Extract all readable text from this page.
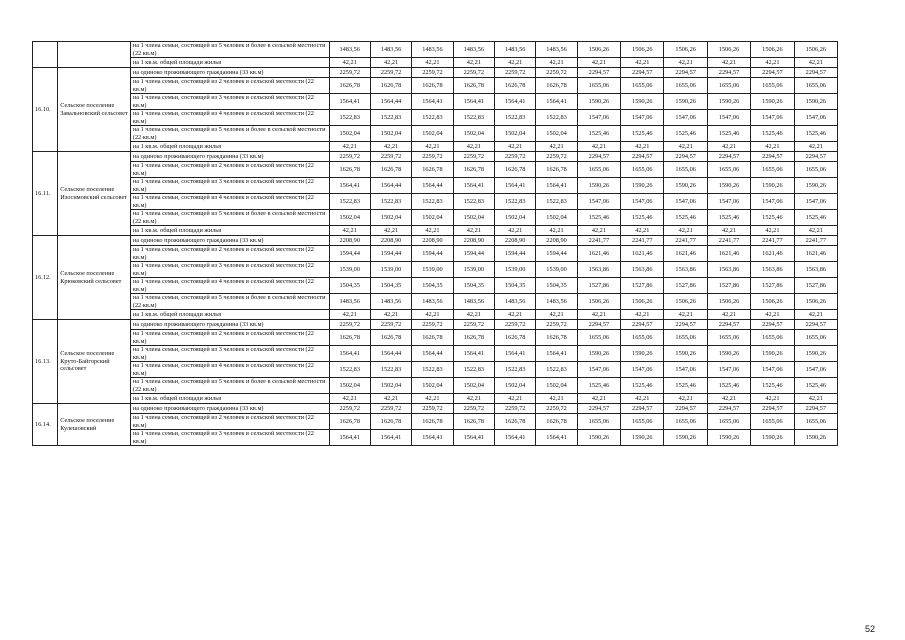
		на 1 члена семьи, состоящей из 5 человек и более в сельской местности (22 кв.м)	1483,56	1483,56	1483,56	1483,56	1483,56	1483,56	1506,26	1506,26	1506,26	1506,26	1506,26	1506,26
		на 1 кв.м. общей площади жилья	42,21	42,21	42,21	42,21	42,21	42,21	42,21	42,21	42,21	42,21	42,21	42,21
16.10.	Сельское поселение Завальновский сельсовет	на одиноко проживающего гражданина (33 кв.м)	2259,72	2259,72	2259,72	2259,72	2259,72	2259,72	2294,57	2294,57	2294,57	2294,57	2294,57	2294,57
		на 1 члена семьи, состоящей из 2 человек в сельской местности (22 кв.м)	1626,78	1626,78	1626,78	1626,78	1626,78	1626,78	1655,06	1655,06	1655,06	1655,06	1655,06	1655,06
		на 1 члена семьи, состоящей из 3 человек в сельской местности (22 кв.м)	1564,41	1564,44	1564,41	1564,41	1564,41	1564,41	1590,26	1590,26	1590,26	1590,26	1590,26	1590,26
		на 1 члена семьи, состоящей из 4 человек в сельской местности (22 кв.м)	1522,83	1522,83	1522,83	1522,83	1522,83	1522,83	1547,06	1547,06	1547,06	1547,06	1547,06	1547,06
		на 1 члена семьи, состоящей из 5 человек и более в сельской местности (22 кв.м)	1502,04	1502,04	1502,04	1502,04	1502,04	1502,04	1525,46	1525,46	1525,46	1525,46	1525,46	1525,46
		на 1 кв.м. общей площади жилья	42,21	42,21	42,21	42,21	42,21	42,21	42,21	42,21	42,21	42,21	42,21	42,21
16.11.	Сельское поселение Изосимовский сельсовет	на одиноко проживающего гражданина (33 кв.м)	2259,72	2259,72	2259,72	2259,72	2259,72	2259,72	2294,57	2294,57	2294,57	2294,57	2294,57	2294,57
		на 1 члена семьи, состоящей из 2 человек в сельской местности (22 кв.м)	1626,78	1626,78	1626,78	1626,78	1626,78	1626,78	1655,06	1655,06	1655,06	1655,06	1655,06	1655,06
		на 1 члена семьи, состоящей из 3 человек в сельской местности (22 кв.м)	1564,41	1564,44	1564,44	1564,41	1564,41	1564,41	1590,26	1590,26	1590,26	1590,26	1590,26	1590,26
		на 1 члена семьи, состоящей из 4 человек в сельской местности (22 кв.м)	1522,83	1522,83	1522,83	1522,83	1522,83	1522,83	1547,06	1547,06	1547,06	1547,06	1547,06	1547,06
		на 1 члена семьи, состоящей из 5 человек и более в сельской местности (22 кв.м)	1502,04	1502,04	1502,04	1502,04	1502,04	1502,04	1525,46	1525,46	1525,46	1525,46	1525,46	1525,46
		на 1 кв.м. общей площади жилья	42,21	42,21	42,21	42,21	42,21	42,21	42,21	42,21	42,21	42,21	42,21	42,21
16.12.	Сельское поселение Крюковский сельсовет	на одиноко проживающего гражданина (33 кв.м)	2208,90	2208,90	2208,90	2208,90	2208,90	2208,90	2241,77	2241,77	2241,77	2241,77	2241,77	2241,77
		на 1 члена семьи, состоящей из 2 человек в сельской местности (22 кв.м)	1594,44	1594,44	1594,44	1594,44	1594,44	1594,44	1621,46	1621,46	1621,46	1621,46	1621,46	1621,46
		на 1 члена семьи, состоящей из 3 человек в сельской местности (22 кв.м)	1539,00	1539,00	1539,00	1539,00	1539,00	1539,00	1563,86	1563,86	1563,86	1563,86	1563,86	1563,86
		на 1 члена семьи, состоящей из 4 человек в сельской местности (22 кв.м)	1504,35	1504,35	1504,35	1504,35	1504,35	1504,35	1527,86	1527,86	1527,86	1527,86	1527,86	1527,86
		на 1 члена семьи, состоящей из 5 человек и более в сельской местности (22 кв.м)	1483,56	1483,56	1483,56	1483,56	1483,56	1483,56	1506,26	1506,26	1506,26	1506,26	1506,26	1506,26
		на 1 кв.м. общей площади жилья	42,21	42,21	42,21	42,21	42,21	42,21	42,21	42,21	42,21	42,21	42,21	42,21
16.13.	Сельское поселение Круто-Байгорский сельсовет	на одиноко проживающего гражданина (33 кв.м)	2259,72	2259,72	2259,72	2259,72	2259,72	2259,72	2294,57	2294,57	2294,57	2294,57	2294,57	2294,57
		на 1 члена семьи, состоящей из 2 человек в сельской местности (22 кв.м)	1626,78	1626,78	1626,78	1626,78	1626,78	1626,78	1655,06	1655,06	1655,06	1655,06	1655,06	1655,06
		на 1 члена семьи, состоящей из 3 человек в сельской местности (22 кв.м)	1564,41	1564,44	1564,44	1564,41	1564,41	1564,41	1590,26	1590,26	1590,26	1590,26	1590,26	1590,26
		на 1 члена семьи, состоящей из 4 человек в сельской местности (22 кв.м)	1522,83	1522,83	1522,83	1522,83	1522,83	1522,83	1547,06	1547,06	1547,06	1547,06	1547,06	1547,06
		на 1 члена семьи, состоящей из 5 человек и более в сельской местности (22 кв.м)	1502,04	1502,04	1502,04	1502,04	1502,04	1502,04	1525,46	1525,46	1525,46	1525,46	1525,46	1525,46
		на 1 кв.м. общей площади жилья	42,21	42,21	42,21	42,21	42,21	42,21	42,21	42,21	42,21	42,21	42,21	42,21
16.14.	Сельское поселение Кулешовский	на одиноко проживающего гражданина (33 кв.м)	2259,72	2259,72	2259,72	2259,72	2259,72	2259,72	2294,57	2294,57	2294,57	2294,57	2294,57	2294,57
		на 1 члена семьи, состоящей из 2 человек в сельской местности (22 кв.м)	1626,78	1626,78	1626,78	1626,78	1626,78	1626,78	1655,06	1655,06	1655,06	1655,06	1655,06	1655,06
		на 1 члена семьи, состоящей из 3 человек в сельской местности (22 кв.м)	1564,41	1564,41	1564,41	1564,41	1564,41	1564,41	1590,26	1590,26	1590,26	1590,26	1590,26	1590,26
52
